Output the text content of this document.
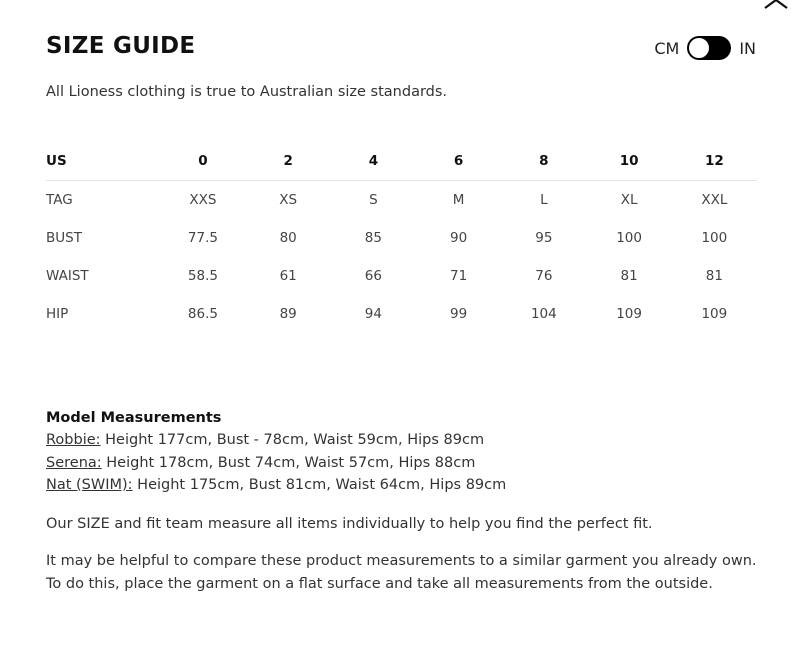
SIZE GUIDE	CM	IN
All Lioness clothing is true to Australian size standards.
US	0	2	4	6	8	10	12
TAG	XXS	XS	S	M	L	XL	XXL
BUST	77.5	80	85	90	95	100	100
WAIST	58.5	61	66	71	76	81	81
HIP	86.5	89	94	99	104	109	109
Model Measurements
Robbie: Height 177cm, Bust - 78cm, Waist 59cm, Hips 89cm
Serena: Height 178cm, Bust 74cm, Waist 57cm, Hips 88cm
Nat (SWIM): Height 175cm, Bust 81cm, Waist 64cm, Hips 89cm
Our SIZE and fit team measure all items individually to help you find the perfect fit.
It may be helpful to compare these product measurements to a similar garment you already own. To do this, place the garment on a flat surface and take all measurements from the outside.
